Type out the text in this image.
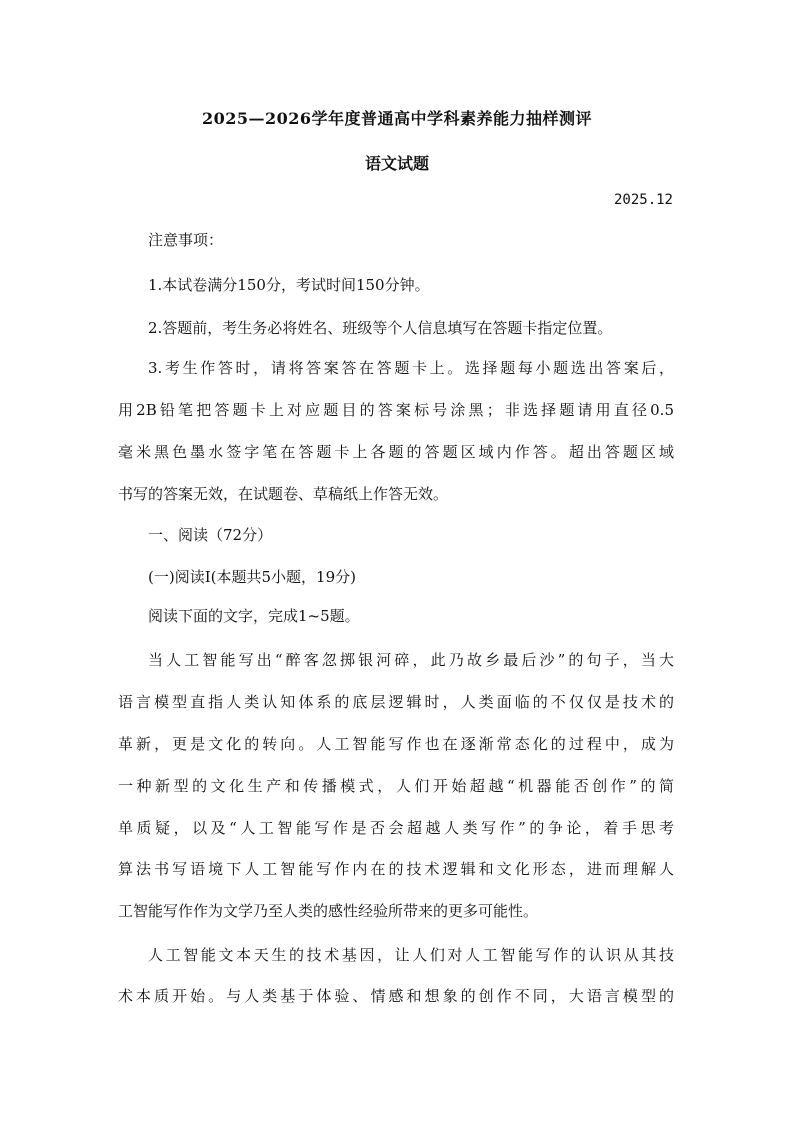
2025—2026学年度普通高中学科素养能力抽样测评
语文试题
2025.12
注意事项：
1.本试卷满分150分，考试时间150分钟。
2.答题前，考生务必将姓名、班级等个人信息填写在答题卡指定位置。
3.考生作答时，请将答案答在答题卡上。选择题每小题选出答案后，
用2B铅笔把答题卡上对应题目的答案标号涂黑；非选择题请用直径0.5
毫米黑色墨水签字笔在答题卡上各题的答题区域内作答。超出答题区域
书写的答案无效，在试题卷、草稿纸上作答无效。
一、阅读（72分）
(一)阅读Ⅰ(本题共5小题，19分)
阅读下面的文字，完成1~5题。
当人工智能写出“醉客忽掷银河碎，此乃故乡最后沙”的句子，当大
语言模型直指人类认知体系的底层逻辑时，人类面临的不仅仅是技术的
革新，更是文化的转向。人工智能写作也在逐渐常态化的过程中，成为
一种新型的文化生产和传播模式，人们开始超越“机器能否创作”的简
单质疑，以及“人工智能写作是否会超越人类写作”的争论，着手思考
算法书写语境下人工智能写作内在的技术逻辑和文化形态，进而理解人
工智能写作作为文学乃至人类的感性经验所带来的更多可能性。
人工智能文本天生的技术基因，让人们对人工智能写作的认识从其技
术本质开始。与人类基于体验、情感和想象的创作不同，大语言模型的
